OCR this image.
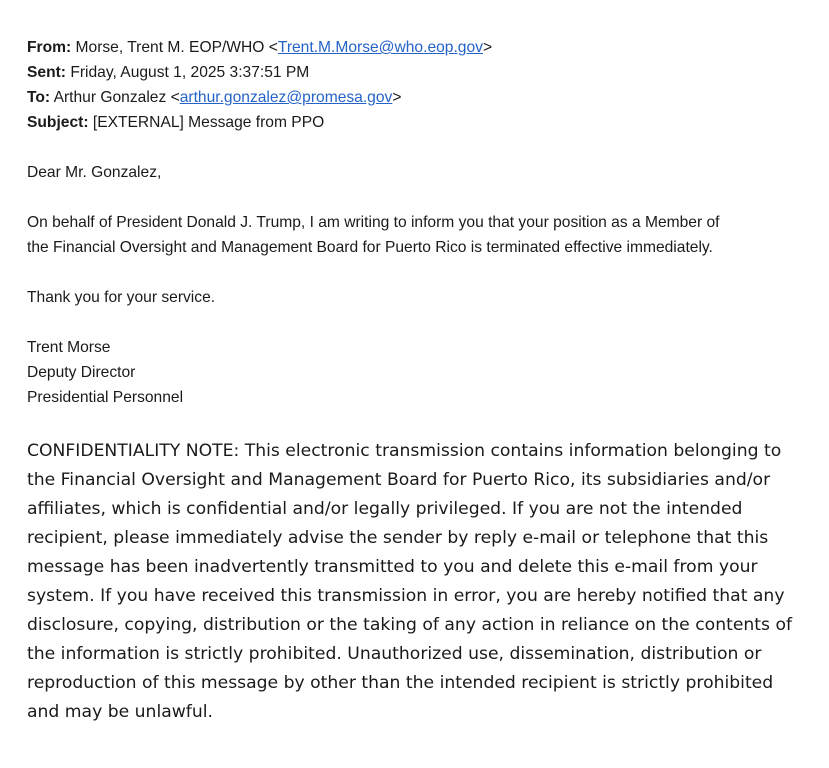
From: Morse, Trent M. EOP/WHO <Trent.M.Morse@who.eop.gov>
Sent: Friday, August 1, 2025 3:37:51 PM
To: Arthur Gonzalez <arthur.gonzalez@promesa.gov>
Subject: [EXTERNAL] Message from PPO

Dear Mr. Gonzalez,

On behalf of President Donald J. Trump, I am writing to inform you that your position as a Member of
the Financial Oversight and Management Board for Puerto Rico is terminated effective immediately.

Thank you for your service.

Trent Morse
Deputy Director
Presidential Personnel
CONFIDENTIALITY NOTE: This electronic transmission contains information belonging to
the Financial Oversight and Management Board for Puerto Rico, its subsidiaries and/or
affiliates, which is confidential and/or legally privileged. If you are not the intended
recipient, please immediately advise the sender by reply e-mail or telephone that this
message has been inadvertently transmitted to you and delete this e-mail from your
system. If you have received this transmission in error, you are hereby notified that any
disclosure, copying, distribution or the taking of any action in reliance on the contents of
the information is strictly prohibited. Unauthorized use, dissemination, distribution or
reproduction of this message by other than the intended recipient is strictly prohibited
and may be unlawful.
